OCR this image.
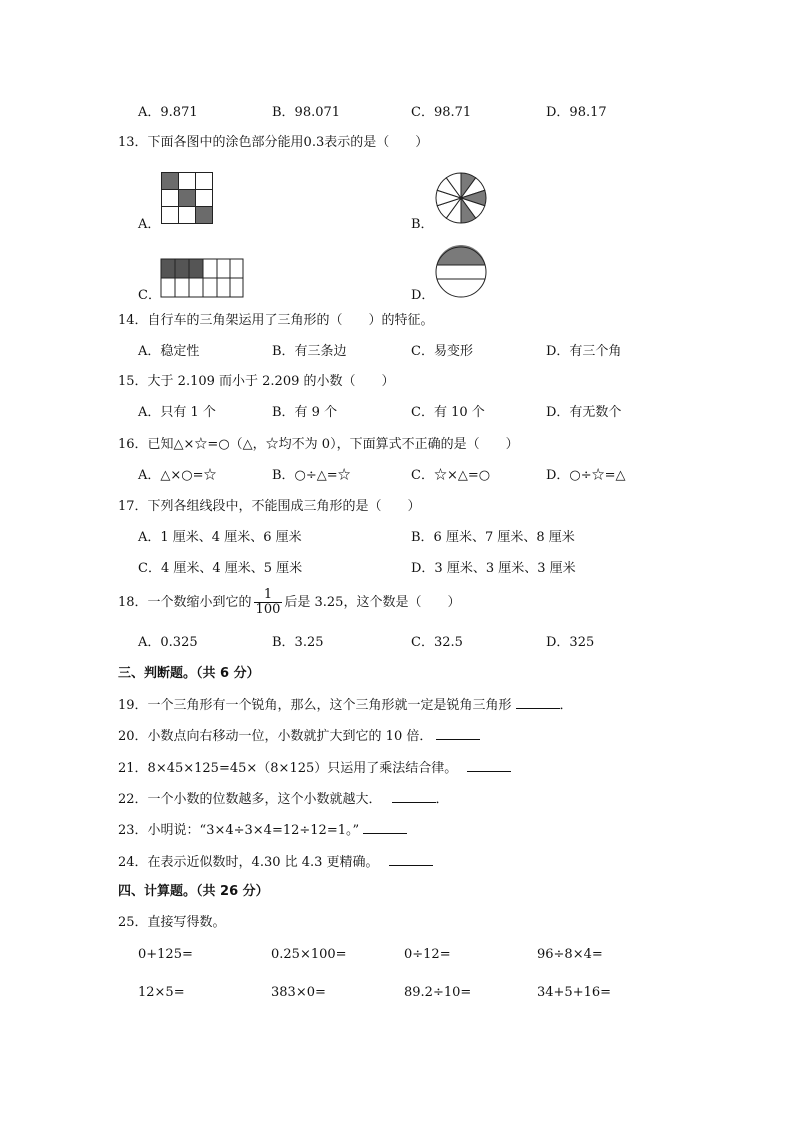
A．9.871	B．98.071	C．98.71	D．98.17
13．下面各图中的涂色部分能用0.3表示的是（　　）
A．	B．
C．	D．
14．自行车的三角架运用了三角形的（　　）的特征。
A．稳定性	B．有三条边	C．易变形	D．有三个角
15．大于 2.109 而小于 2.209 的小数（　　）
A．只有 1 个	B．有 9 个	C．有 10 个	D．有无数个
16．已知△×☆=○（△，☆均不为 0），下面算式不正确的是（　　）
A．△×○=☆	B．○÷△=☆	C．☆×△=○	D．○÷☆=△
17．下列各组线段中，不能围成三角形的是（　　）
A．1 厘米、4 厘米、6 厘米	B．6 厘米、7 厘米、8 厘米
C．4 厘米、4 厘米、5 厘米	D．3 厘米、3 厘米、3 厘米
18．一个数缩小到它的 $\frac{1}{100}$ 后是 3.25，这个数是（　　）
A．0.325	B．3.25	C．32.5	D．325
三、判断题。（共 6 分）
19．一个三角形有一个锐角，那么，这个三角形就一定是锐角三角形	．
20．小数点向右移动一位，小数就扩大到它的 10 倍．
21．8×45×125=45×（8×125）只运用了乘法结合律。
22．一个小数的位数越多，这个小数就越大．	．
23．小明说：“3×4÷3×4=12÷12=1。”
24．在表示近似数时，4.30 比 4.3 更精确。
四、计算题。（共 26 分）
25．直接写得数。
0+125=	0.25×100=	0÷12=	96÷8×4=
12×5=	383×0=	89.2÷10=	34+5+16=
